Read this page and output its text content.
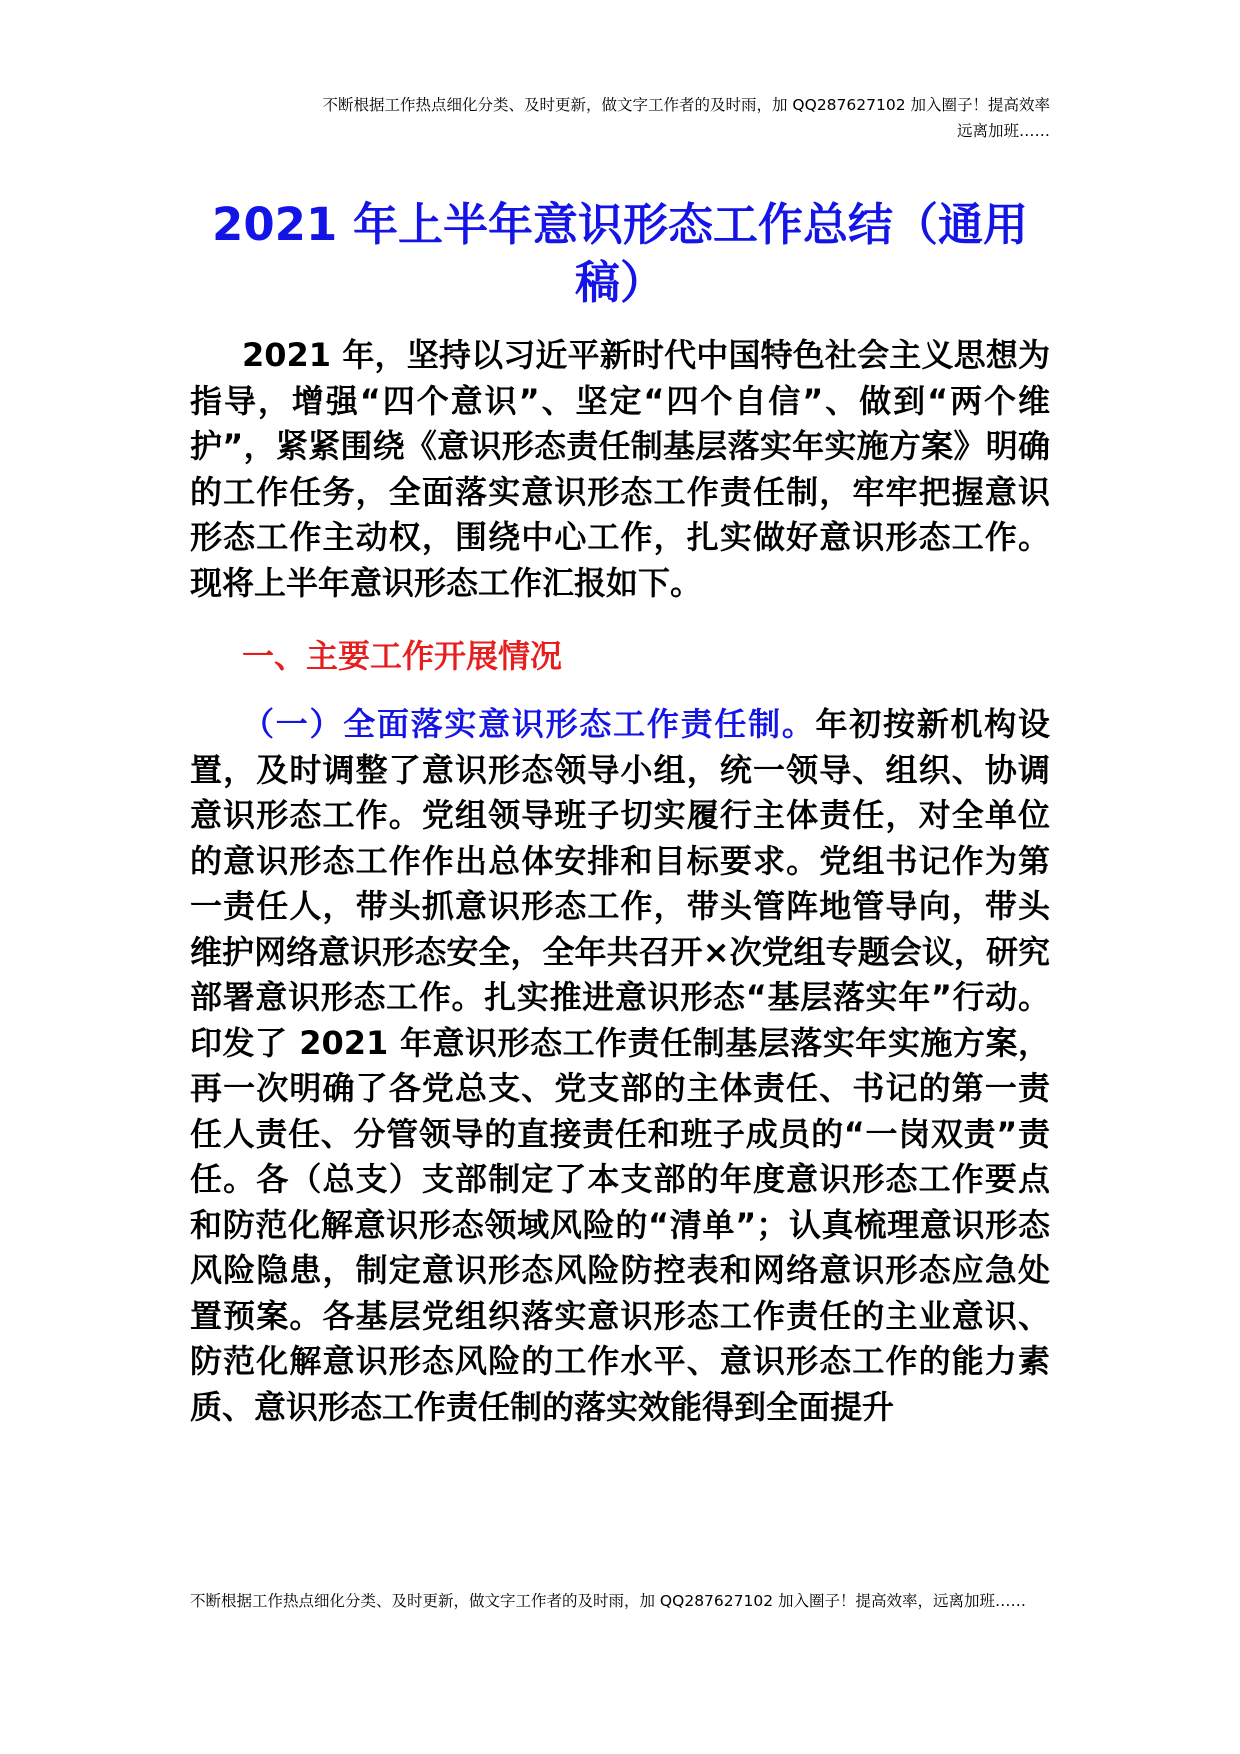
不断根据工作热点细化分类、及时更新，做文字工作者的及时雨，加 QQ287627102 加入圈子！提高效率
远离加班……
2021 年上半年意识形态工作总结（通用
稿）

2021 年，坚持以习近平新时代中国特色社会主义思想为指导，增强“四个意识”、坚定“四个自信”、做到“两个维护”，紧紧围绕《意识形态责任制基层落实年实施方案》明确的工作任务，全面落实意识形态工作责任制，牢牢把握意识形态工作主动权，围绕中心工作，扎实做好意识形态工作。现将上半年意识形态工作汇报如下。

一、主要工作开展情况

（一）全面落实意识形态工作责任制。年初按新机构设置，及时调整了意识形态领导小组，统一领导、组织、协调意识形态工作。党组领导班子切实履行主体责任，对全单位的意识形态工作作出总体安排和目标要求。党组书记作为第一责任人，带头抓意识形态工作，带头管阵地管导向，带头维护网络意识形态安全，全年共召开×次党组专题会议，研究部署意识形态工作。扎实推进意识形态“基层落实年”行动。印发了 2021 年意识形态工作责任制基层落实年实施方案，再一次明确了各党总支、党支部的主体责任、书记的第一责任人责任、分管领导的直接责任和班子成员的“一岗双责”责任。各（总支）支部制定了本支部的年度意识形态工作要点和防范化解意识形态领域风险的“清单”；认真梳理意识形态风险隐患，制定意识形态风险防控表和网络意识形态应急处置预案。各基层党组织落实意识形态工作责任的主业意识、防范化解意识形态风险的工作水平、意识形态工作的能力素质、意识形态工作责任制的落实效能得到全面提升

不断根据工作热点细化分类、及时更新，做文字工作者的及时雨，加 QQ287627102 加入圈子！提高效率，远离加班……
